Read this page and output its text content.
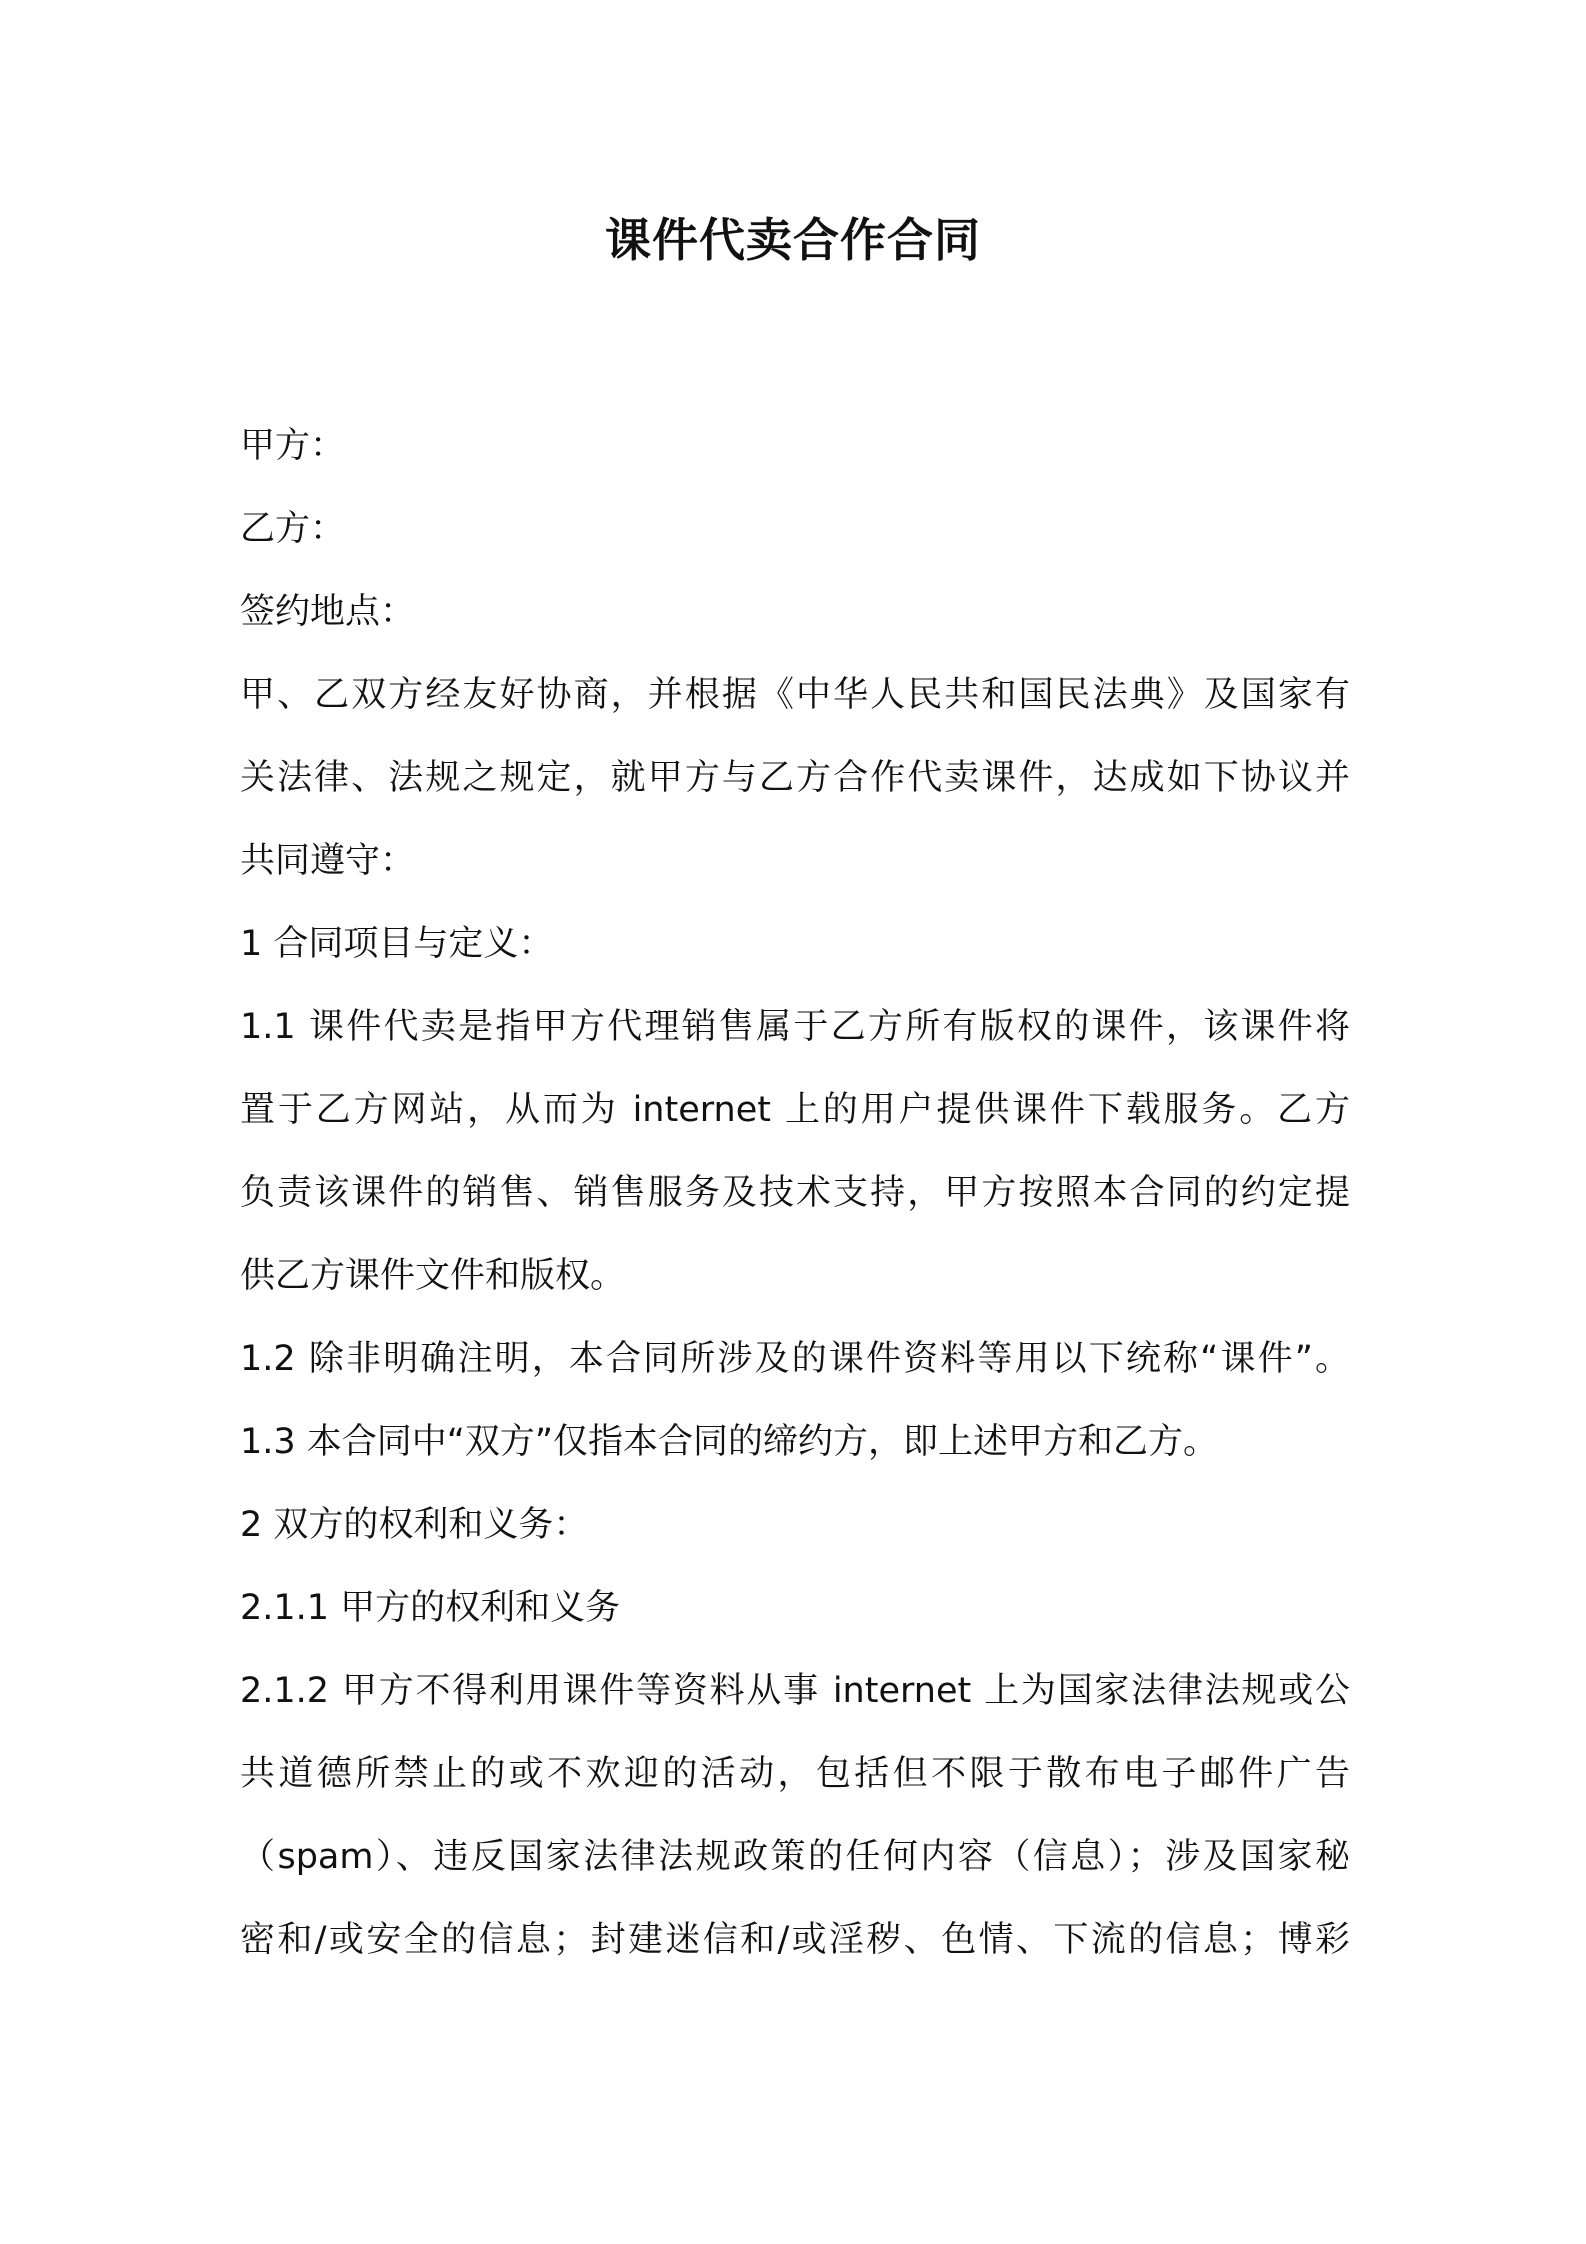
课件代卖合作合同
甲方：
乙方：
签约地点：
甲、乙双方经友好协商，并根据《中华人民共和国民法典》及国家有
关法律、法规之规定，就甲方与乙方合作代卖课件，达成如下协议并
共同遵守：
1 合同项目与定义：
1.1 课件代卖是指甲方代理销售属于乙方所有版权的课件，该课件将
置于乙方网站，从而为 internet 上的用户提供课件下载服务。乙方
负责该课件的销售、销售服务及技术支持，甲方按照本合同的约定提
供乙方课件文件和版权。
1.2 除非明确注明，本合同所涉及的课件资料等用以下统称“课件”。
1.3 本合同中“双方”仅指本合同的缔约方，即上述甲方和乙方。
2 双方的权利和义务：
2.1.1 甲方的权利和义务
2.1.2 甲方不得利用课件等资料从事 internet 上为国家法律法规或公
共道德所禁止的或不欢迎的活动，包括但不限于散布电子邮件广告
（spam）、违反国家法律法规政策的任何内容（信息）；涉及国家秘
密和/或安全的信息；封建迷信和/或淫秽、色情、下流的信息；博彩
